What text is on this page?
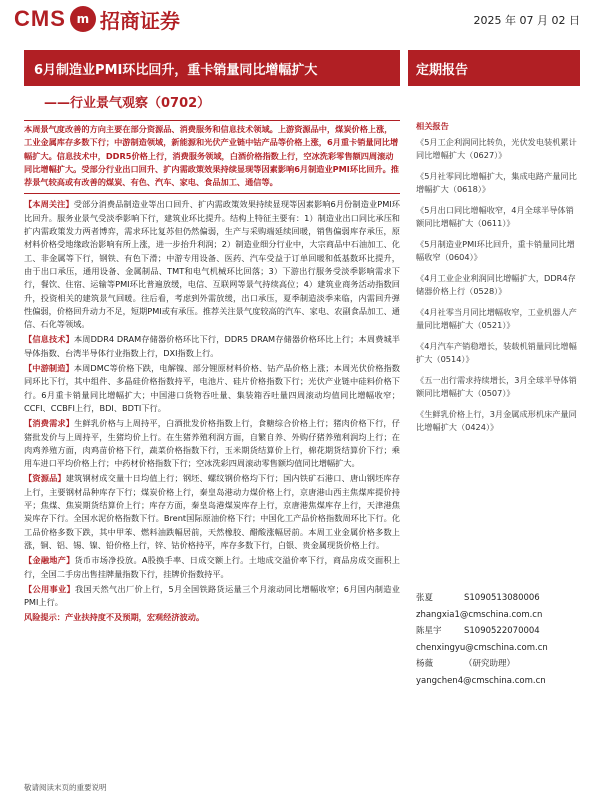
CMS m 招商证券	2025 年 07 月 02 日
6月制造业PMI环比回升，重卡销量同比增幅扩大	定期报告
——行业景气观察（0702）
本周景气度改善的方向主要在部分资源品、消费服务和信息技术领域。上游资源品中，煤炭价格上涨，工业金属库存多数下行；中游制造领域，新能源和光伏产业链中钴产品等价格上涨，6月重卡销量同比增幅扩大。信息技术中，DDR5价格上行，消费服务领域，白酒价格指数上行，空冰洗彩零售额四周滚动同比增幅扩大。受部分行业出口回升、扩内需政策效果持续显现等因素影响6月制造业PMI环比回升。推荐景气较高或有改善的煤炭、有色、汽车、家电、食品加工、通信等。

【本周关注】受部分消费品制造业等出口回升、扩内需政策效果持续显现等因素影响6月份制造业PMI环比回升。服务业景气受淡季影响下行，建筑业环比提升。结构上特征主要有：1）制造业出口同比承压和扩内需政策发力两者博弈，需求环比复苏但仍然偏弱，生产与采购端延续回暖，销售偏弱库存承压，原材料价格受地缘政治影响有所上涨，进一步抬升利润；2）制造业细分行业中，大宗商品中石油加工、化工、非金属等下行，钢铁、有色下滑；中游专用设备、医药、汽车受益于订单回暖和低基数环比提升，由于出口承压，通用设备、金属制品、TMT和电气机械环比回落；3）下游出行服务受淡季影响需求下行，餐饮、住宿、运输等PMI环比普遍放缓，电信、互联网等景气持续高位；4）建筑业商务活动指数回升，投资相关的建筑景气回暖。往后看，考虑到外需放缓，出口承压，夏季制造淡季来临，内需回升弹性偏弱，价格回升动力不足，短期PMI或有承压。推荐关注景气度较高的汽车、家电、农副食品加工、通信、石化等领域。

【信息技术】本周DDR4 DRAM存储器价格环比下行，DDR5 DRAM存储器价格环比上行；本周费城半导体指数、台湾半导体行业指数上行，DXI指数上行。

【中游制造】本周DMC等价格下跌，电解镍、部分锂原材料价格、钴产品价格上涨；本周光伏价格指数同环比下行，其中组件、多晶硅价格指数持平，电池片、硅片价格指数下行；光伏产业链中硅料价格下行。6月重卡销量同比增幅扩大；中国港口货物吞吐量、集装箱吞吐量四周滚动均值同比增幅收窄；CCFI、CCBFI上行，BDI、BDTI下行。

【消费需求】生鲜乳价格与上周持平，白酒批发价格指数上行，食糖综合价格上行；猪肉价格下行，仔猪批发价与上周持平，生猪均价上行。在生猪养殖利润方面，自繁自养、外购仔猪养殖利润均上行；在肉鸡养殖方面，肉鸡苗价格下行，蔬菜价格指数下行，玉米期货结算价上行，棉花期货结算价下行；乘用车进口平均价格上行；中药材价格指数下行；空冰洗彩四周滚动零售额均值同比增幅扩大。

【资源品】建筑钢材成交量十日均值上行；钢坯、螺纹钢价格均下行；国内铁矿石港口、唐山钢坯库存上行，主要钢材品种库存下行；煤炭价格上行，秦皇岛港动力煤价格上行，京唐港山西主焦煤库提价持平；焦煤、焦炭期货结算价上行；库存方面，秦皇岛港煤炭库存上行，京唐港焦煤库存上行，天津港焦炭库存下行。全国水泥价格指数下行。Brent国际原油价格下行；中国化工产品价格指数周环比下行。化工品价格多数下跌，其中甲苯、燃料油跌幅居前，天然橡胶、醋酸涨幅居前。本周工业金属价格多数上涨，铜、铝、锡、镍、铅价格上行，锌、钴价格持平，库存多数下行，白银、贵金属现货价格上行。

【金融地产】货币市场净投放。A股换手率、日成交额上行。土地成交溢价率下行，商品房成交面积上行，全国二手房出售挂牌量指数下行，挂牌价指数持平。

【公用事业】我国天然气出厂价上行，5月全国铁路货运量三个月滚动同比增幅收窄；6月国内制造业PMI上行。

风险提示：产业扶持度不及预期，宏观经济波动。

相关报告
《5月工企利润同比转负，光伏发电装机累计同比增幅扩大（0627）》
《5月社零同比增幅扩大，集成电路产量同比增幅扩大（0618）》
《5月出口同比增幅收窄，4月全球半导体销额同比增幅扩大（0611）》
《5月制造业PMI环比回升，重卡销量同比增幅收窄（0604）》
《4月工业企业利润同比增幅扩大，DDR4存储器价格上行（0528）》
《4月社零当月同比增幅收窄，工业机器人产量同比增幅扩大（0521）》
《4月汽车产销稳增长，装载机销量同比增幅扩大（0514）》
《五一出行需求持续增长，3月全球半导体销额同比增幅扩大（0507）》
《生鲜乳价格上行，3月金属成形机床产量同比增幅扩大（0424）》
张夏	S1090513080006
zhangxia1@cmschina.com.cn
陈星宇	S1090522070004
chenxingyu@cmschina.com.cn
杨薇	（研究助理）
yangchen4@cmschina.com.cn
敬请阅读末页的重要说明
